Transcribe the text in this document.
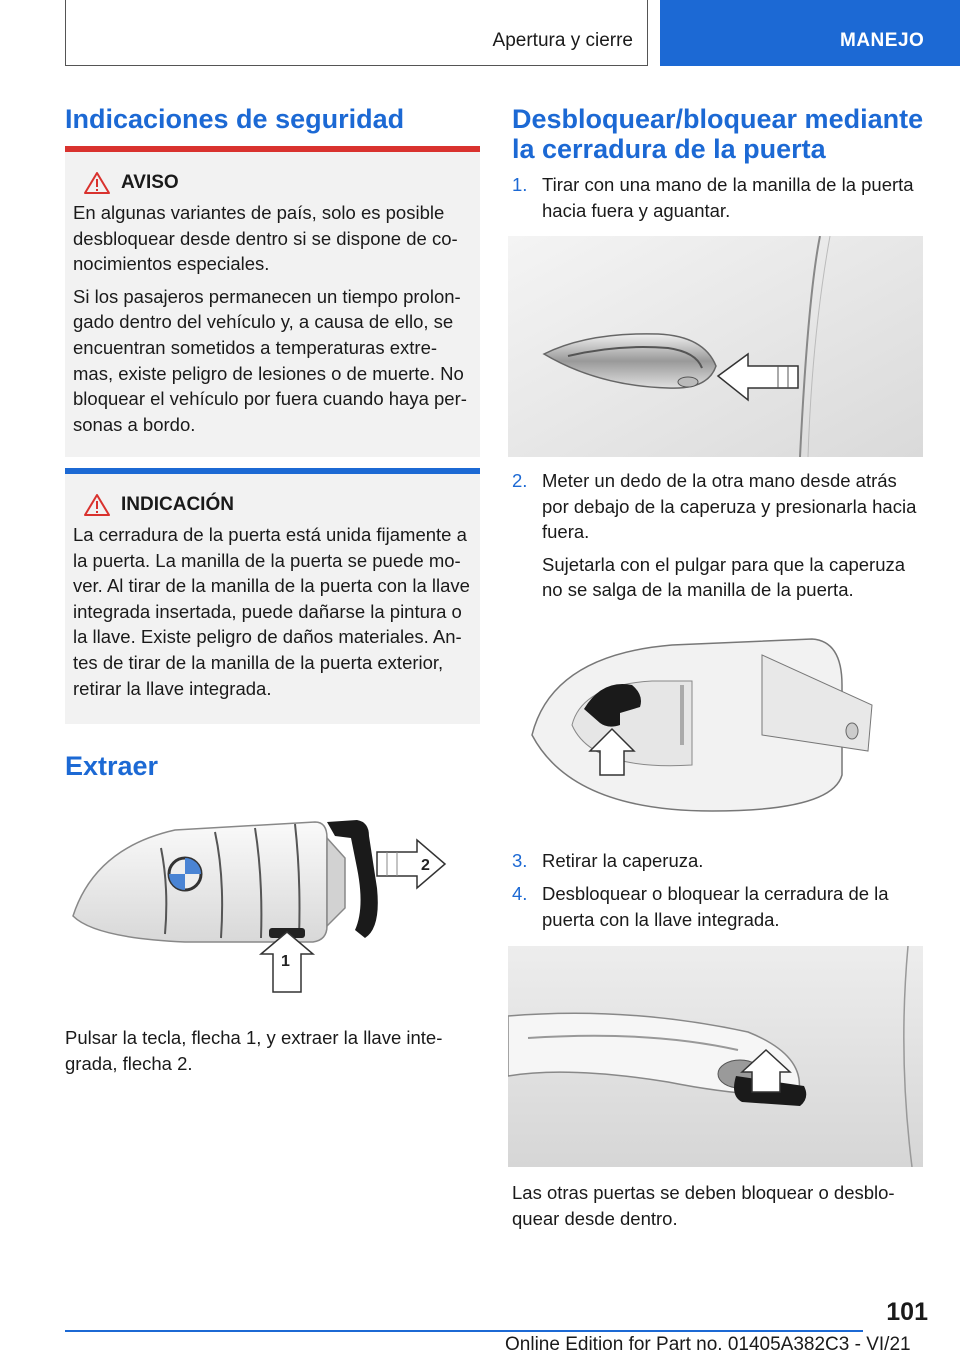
Apertura y cierre	MANEJO
Indicaciones de seguridad
AVISO

En algunas variantes de país, solo es posible
desbloquear desde dentro si se dispone de co‐
nocimientos especiales.

Si los pasajeros permanecen un tiempo prolon‐
gado dentro del vehículo y, a causa de ello, se
encuentran sometidos a temperaturas extre‐
mas, existe peligro de lesiones o de muerte. No
bloquear el vehículo por fuera cuando haya per‐
sonas a bordo.

INDICACIÓN

La cerradura de la puerta está unida fijamente a
la puerta. La manilla de la puerta se puede mo‐
ver. Al tirar de la manilla de la puerta con la llave
integrada insertada, puede dañarse la pintura o
la llave. Existe peligro de daños materiales. An‐
tes de tirar de la manilla de la puerta exterior,
retirar la llave integrada.

Extraer
2
1
Pulsar la tecla, flecha 1, y extraer la llave inte‐
grada, flecha 2.
Desbloquear/bloquear mediante
la cerradura de la puerta
1. Tirar con una mano de la manilla de la puerta
hacia fuera y aguantar.

2. Meter un dedo de la otra mano desde atrás
por debajo de la caperuza y presionarla hacia
fuera.

Sujetarla con el pulgar para que la caperuza
no se salga de la manilla de la puerta.

3. Retirar la caperuza.

4. Desbloquear o bloquear la cerradura de la
puerta con la llave integrada.

Las otras puertas se deben bloquear o desblo‐
quear desde dentro.
101
Online Edition for Part no. 01405A382C3 - VI/21
